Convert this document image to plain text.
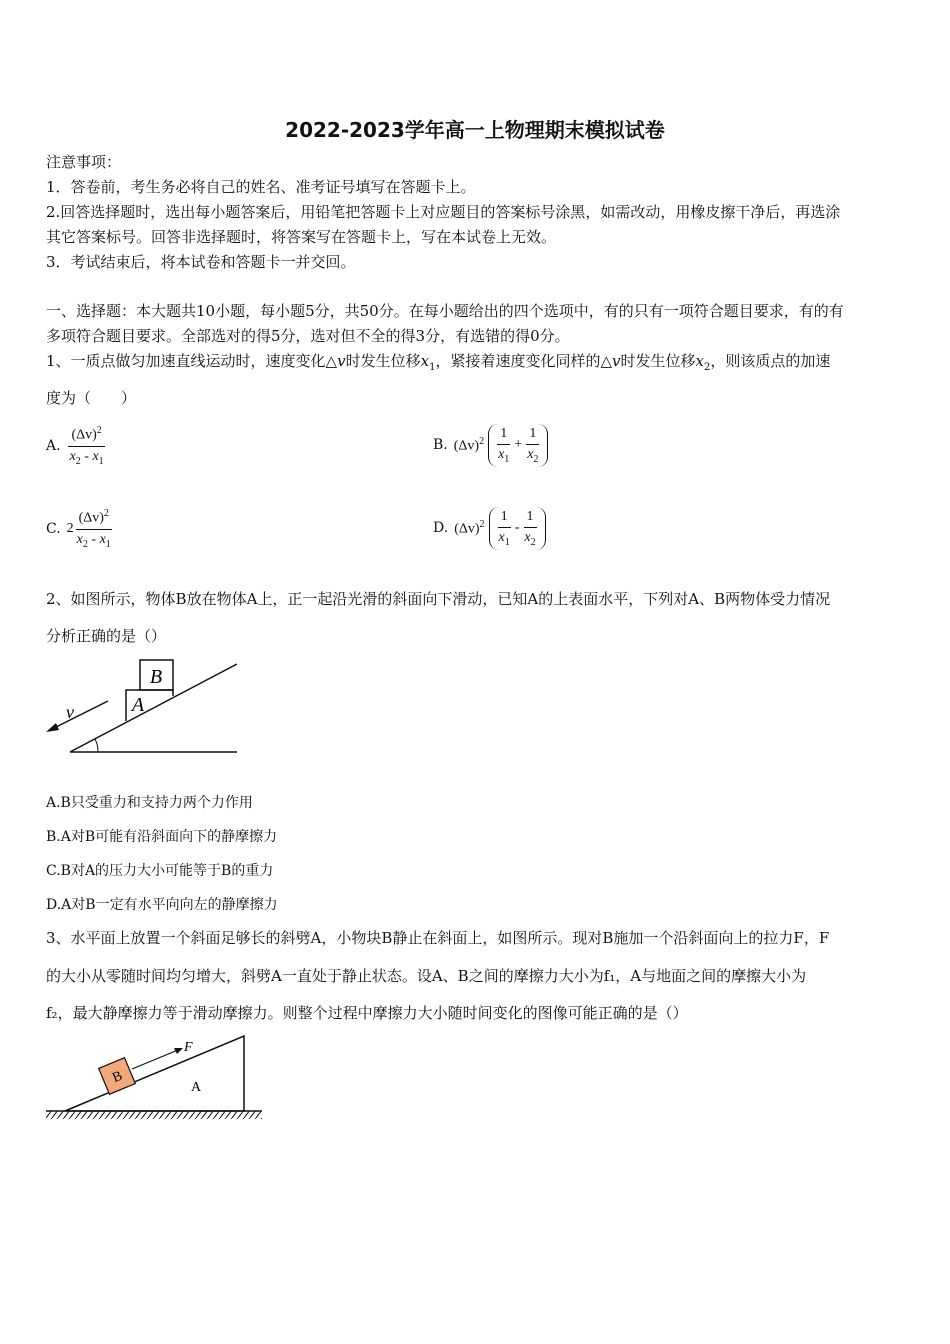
2022-2023学年高一上物理期末模拟试卷
注意事项：
1．答卷前，考生务必将自己的姓名、准考证号填写在答题卡上。
2.回答选择题时，选出每小题答案后，用铅笔把答题卡上对应题目的答案标号涂黑，如需改动，用橡皮擦干净后，再选涂
其它答案标号。回答非选择题时，将答案写在答题卡上，写在本试卷上无效。
3．考试结束后，将本试卷和答题卡一并交回。
一、选择题：本大题共10小题，每小题5分，共50分。在每小题给出的四个选项中，有的只有一项符合题目要求，有的有
多项符合题目要求。全部选对的得5分，选对但不全的得3分，有选错的得0分。
1、一质点做匀加速直线运动时，速度变化△v时发生位移$x_1$，紧接着速度变化同样的△v时发生位移$x_2$，则该质点的加速
度为（　　）
A. $\frac{(\Delta v)^2}{x_2 - x_1}$	B. $(\Delta v)^2 \frac{1}{x_1} + \frac{1}{x_2}$
C. $2 \frac{(\Delta v)^2}{x_2 - x_1}$	D. $(\Delta v)^2 \frac{1}{x_1} - \frac{1}{x_2}$
2、如图所示，物体B放在物体A上，正一起沿光滑的斜面向下滑动，已知A的上表面水平，下列对A、B两物体受力情况
分析正确的是（）
B
A
v
A.B只受重力和支持力两个力作用
B.A对B可能有沿斜面向下的静摩擦力
C.B对A的压力大小可能等于B的重力
D.A对B一定有水平向向左的静摩擦力
3、水平面上放置一个斜面足够长的斜劈A，小物块B静止在斜面上，如图所示。现对B施加一个沿斜面向上的拉力F，F
的大小从零随时间均匀增大，斜劈A一直处于静止状态。设A、B之间的摩擦力大小为f₁，A与地面之间的摩擦大小为
f₂，最大静摩擦力等于滑动摩擦力。则整个过程中摩擦力大小随时间变化的图像可能正确的是（）
B
F
A
